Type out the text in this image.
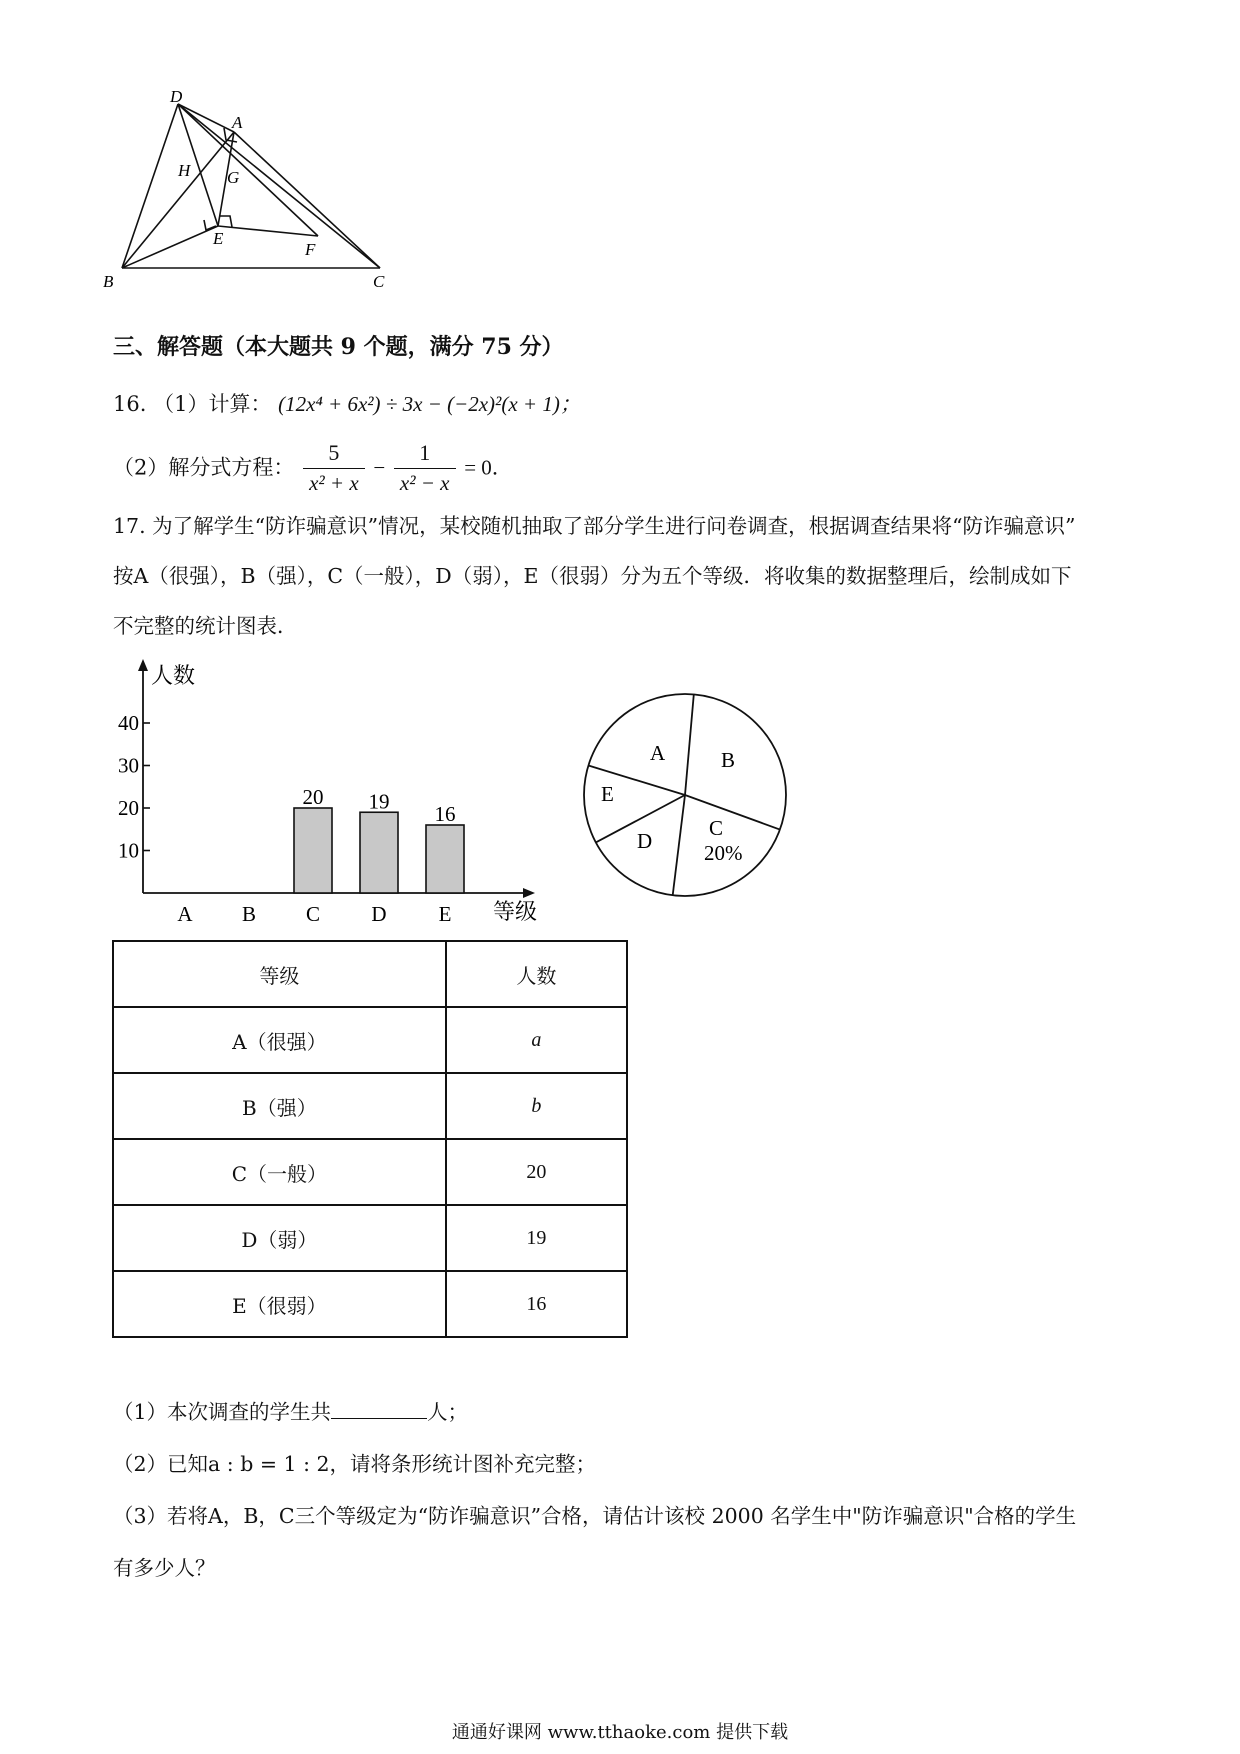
D
A
H G
E
F
B	C
三、解答题（本大题共 9 个题，满分 75 分）
16. （1）计算： (12x⁴ + 6x²) ÷ 3x − (−2x)²(x + 1)；
（2）解分式方程： $\frac{5}{\text{x² + x}} - \frac{1}{\text{x² − x}} = 0$．
17. 为了解学生“防诈骗意识”情况，某校随机抽取了部分学生进行问卷调查，根据调查结果将“防诈骗意识”
按A（很强），B（强），C（一般），D（弱），E（很弱）分为五个等级．将收集的数据整理后，绘制成如下
不完整的统计图表．
人数
等级
10
20
30
40
20 19
16
A B C D E
A	B
C
20%
D
E
等级	人数
A（很强）	a
B（强）	b
C（一般）	20
D（弱）	19
E（很弱）	16
（1）本次调查的学生共	人；
（2）已知a : b = 1 : 2，请将条形统计图补充完整；
（3）若将A，B，C三个等级定为“防诈骗意识”合格，请估计该校 2000 名学生中"防诈骗意识"合格的学生
有多少人？
通通好课网 www.tthaoke.com 提供下载
